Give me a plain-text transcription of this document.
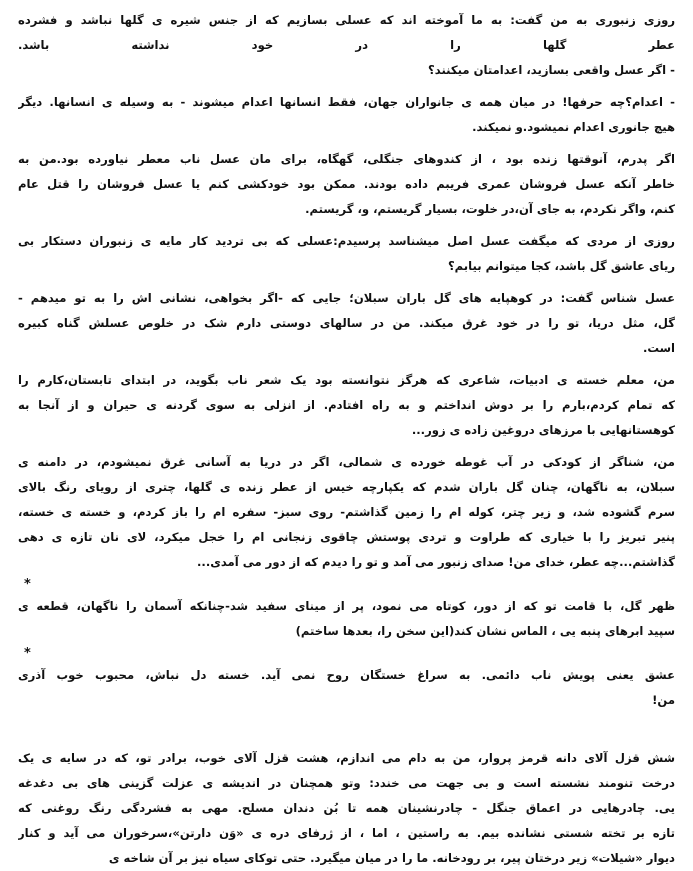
روزی زنبوری به من گفت: به ما آموخته اند که عسلی بسازیم که از جنس شیره ی گلها نباشد و فشرده
عطر گلها را در خود نداشته باشد.
- اگر عسل واقعی بسازید، اعدامتان میکنند؟
- اعدام؟چه حرفها! در میان همه ی جانواران جهان، فقط انسانها اعدام میشوند - به وسیله ی انسانها. دیگر
هیچ جانوری اعدام نمیشود.و نمیکند.
اگر پدرم، آنوقتها زنده بود ، از کندوهای جنگلی، گهگاه، برای مان عسل ناب معطر نیاورده بود.من به
خاطر آنکه عسل فروشان عمری فریبم داده بودند. ممکن بود خودکشی کنم یا عسل فروشان را قتل عام
کنم، واگر نکردم، به جای آن،در خلوت، بسیار گریستم، و، گریستم.
روزی از مردی که میگفت عسل اصل میشناسد پرسیدم:عسلی که بی تردید کار مایه ی زنبوران دستکار بی
ریای عاشق گل باشد، کجا میتوانم بیابم؟
عسل شناس گفت: در کوهپایه های گل باران سبلان؛ جایی که -اگر بخواهی، نشانی اش را به تو میدهم -
گل، مثل دریا، تو را در خود غرق میکند. من در سالهای دوستی دارم شک در خلوص عسلش گناه کبیره
است.
من، معلم خسته ی ادبیات، شاعری که هرگز نتوانسته بود یک شعر ناب بگوید، در ابتدای تابستان،کارم را
که تمام کردم،بارم را بر دوش انداختم و به راه افتادم. از انزلی به سوی گردنه ی حیران و از آنجا به
کوهستانهایی با مرزهای دروغین زاده ی زور...
من، شناگر از کودکی در آب غوطه خورده ی شمالی، اگر در دریا به آسانی غرق نمیشودم، در دامنه ی
سبلان، به ناگهان، چنان گل باران شدم که یکپارچه خیس از عطر زنده ی گلها، چتری از رویای رنگ بالای
سرم گشوده شد، و زیر چتر، کوله ام را زمین گذاشتم- روی سبز- سفره ام را باز کردم، و خسته ی خسته،
پنیر تبریز را با خیاری که طراوت و تردی پوستش چاقوی زنجانی ام را خجل میکرد، لای نان تازه ی دهی
گذاشتم...چه عطر، خدای من! صدای زنبور می آمد و تو را دیدم که از دور می آمدی...
*
ظهر گل، با قامت تو که از دور، کوتاه می نمود، پر از مینای سفید شد-چنانکه آسمان را ناگهان، قطعه ی
سپید ابرهای پنبه یی ، الماس نشان کند(این سخن را، بعدها ساختم)
*
عشق یعنی پویش ناب دائمی. به سراغ خستگان روح نمی آید. خسته دل نباش، محبوب خوب آذری
من!
شش قزل آلای دانه قرمز پروار، من به دام می اندازم، هشت قزل آلای خوب، برادر تو، که در سایه ی یک
درخت تنومند نشسته است و بی جهت می خندد: وتو همچنان در اندیشه ی عزلت گزینی های بی دغدغه
یی. چادرهایی در اعماق جنگل - چادرنشینان همه تا بُن دندان مسلح. مهی به فشردگی رنگ روغنی که
تازه بر تخته شستی نشانده بیم. به راستین ، اما ، از ژرفای دره ی «وَن دارتن»،سرخوران می آید و کنار
دیوار «شیلات» زیر درختان پیر، بر رودخانه. ما را در میان میگیرد. حتی توکای سیاه نیز بر آن شاخه ی
